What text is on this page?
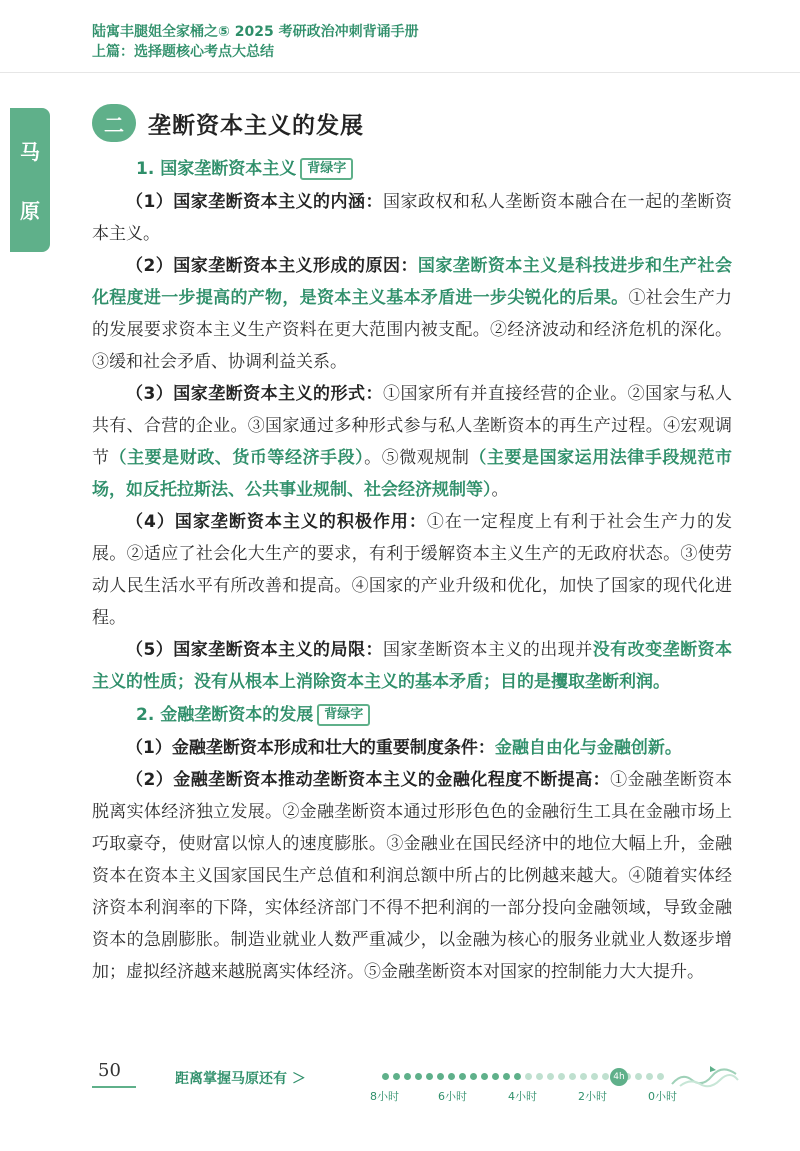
陆寓丰腿姐全家桶之⑤ 2025 考研政治冲刺背诵手册
上篇：选择题核心考点大总结
马
原
二	垄断资本主义的发展
1. 国家垄断资本主义 背绿字
（1）国家垄断资本主义的内涵：国家政权和私人垄断资本融合在一起的垄断资本主义。
（2）国家垄断资本主义形成的原因：国家垄断资本主义是科技进步和生产社会化程度进一步提高的产物，是资本主义基本矛盾进一步尖锐化的后果。①社会生产力的发展要求资本主义生产资料在更大范围内被支配。②经济波动和经济危机的深化。③缓和社会矛盾、协调利益关系。
（3）国家垄断资本主义的形式：①国家所有并直接经营的企业。②国家与私人共有、合营的企业。③国家通过多种形式参与私人垄断资本的再生产过程。④宏观调节（主要是财政、货币等经济手段）。⑤微观规制（主要是国家运用法律手段规范市场，如反托拉斯法、公共事业规制、社会经济规制等）。
（4）国家垄断资本主义的积极作用：①在一定程度上有利于社会生产力的发展。②适应了社会化大生产的要求，有利于缓解资本主义生产的无政府状态。③使劳动人民生活水平有所改善和提高。④国家的产业升级和优化，加快了国家的现代化进程。
（5）国家垄断资本主义的局限：国家垄断资本主义的出现并没有改变垄断资本主义的性质；没有从根本上消除资本主义的基本矛盾；目的是攫取垄断利润。
2. 金融垄断资本的发展 背绿字
（1）金融垄断资本形成和壮大的重要制度条件：金融自由化与金融创新。
（2）金融垄断资本推动垄断资本主义的金融化程度不断提高：①金融垄断资本脱离实体经济独立发展。②金融垄断资本通过形形色色的金融衍生工具在金融市场上巧取豪夺，使财富以惊人的速度膨胀。③金融业在国民经济中的地位大幅上升，金融资本在资本主义国家国民生产总值和利润总额中所占的比例越来越大。④随着实体经济资本利润率的下降，实体经济部门不得不把利润的一部分投向金融领域，导致金融资本的急剧膨胀。制造业就业人数严重减少，以金融为核心的服务业就业人数逐步增加；虚拟经济越来越脱离实体经济。⑤金融垄断资本对国家的控制能力大大提升。
50	距离掌握马原还有 ＞	4h
8小时	6小时	4小时	2小时	0小时
